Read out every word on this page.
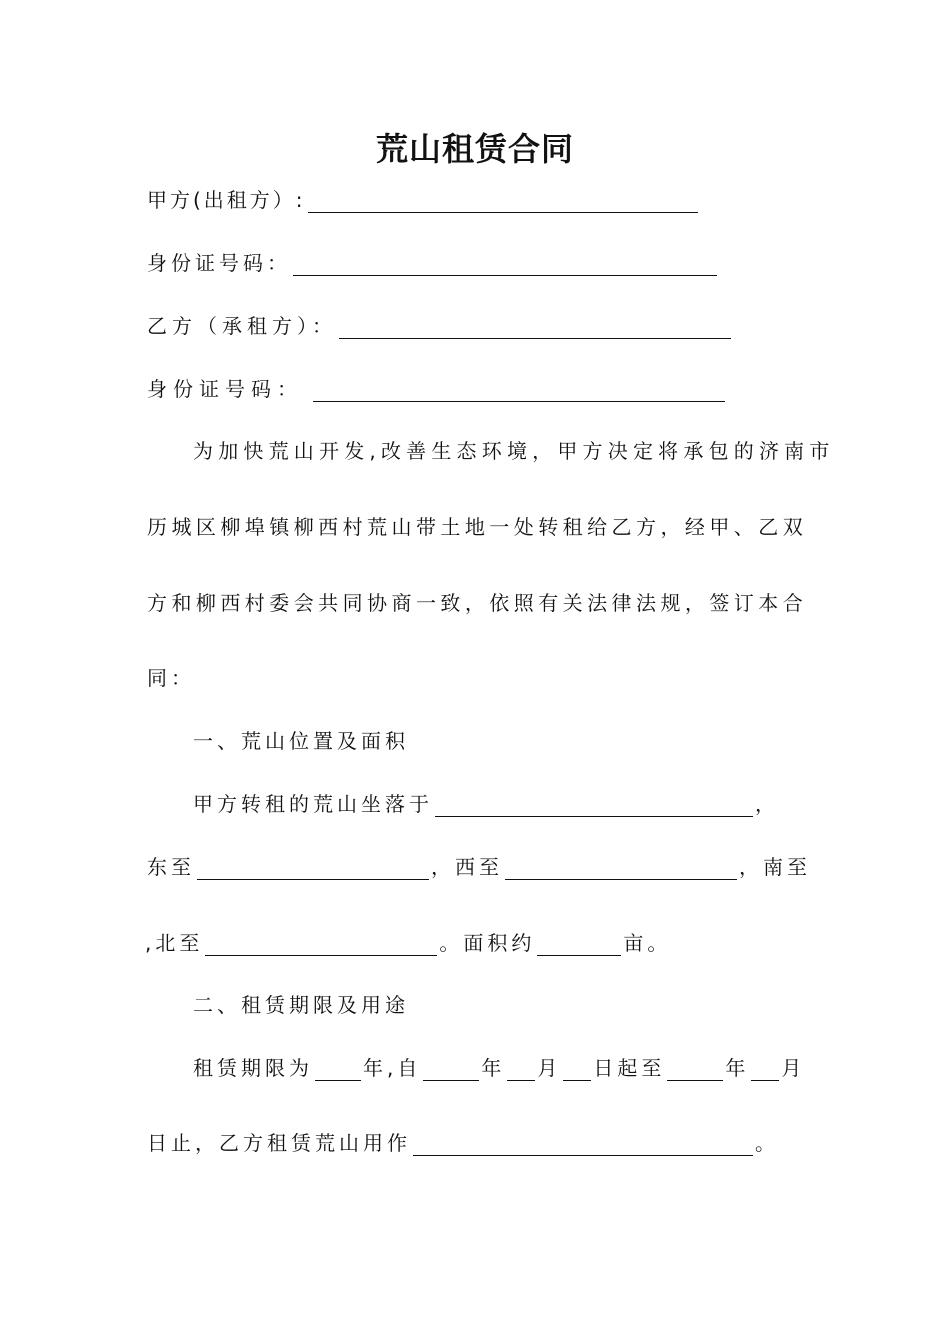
荒山租赁合同
甲方(出租方）:
身份证号码：
乙方（承租方）：
身份证号码：
为加快荒山开发,改善生态环境，甲方决定将承包的济南市
历城区柳埠镇柳西村荒山带土地一处转租给乙方，经甲、乙双
方和柳西村委会共同协商一致，依照有关法律法规，签订本合
同：
一、荒山位置及面积
甲方转租的荒山坐落于	，
东至	，西至	，南至
,北至	。面积约	亩。
二、租赁期限及用途
租赁期限为	年,自	年 月 日起至	年 月
日止，乙方租赁荒山用作	。
